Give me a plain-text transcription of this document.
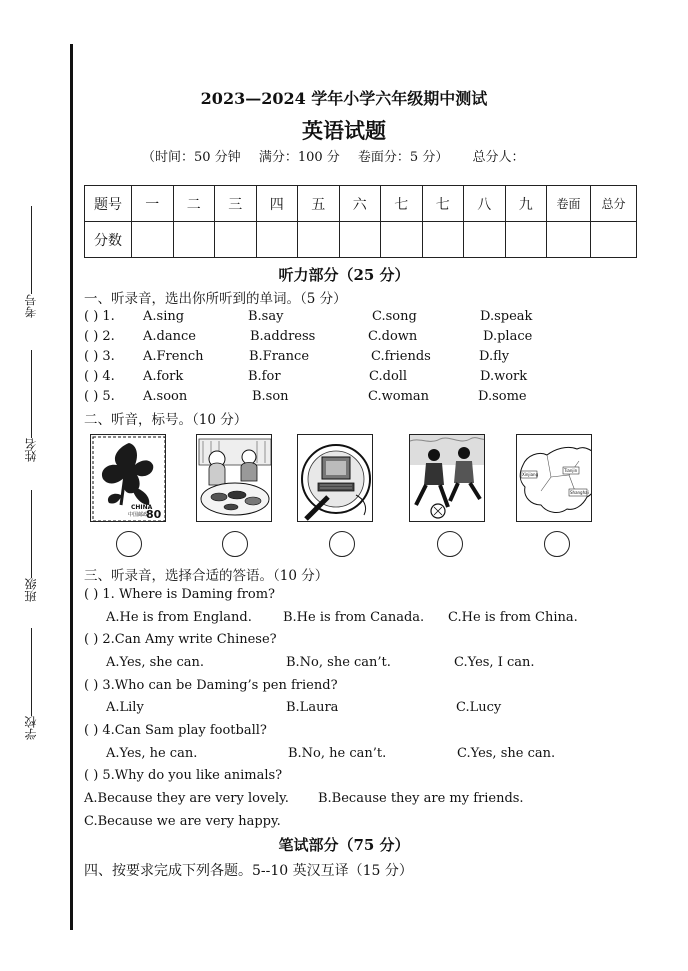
考号
姓名
班级
学校
2023—2024 学年小学六年级期中测试
英语试题
（时间：50 分钟 满分：100 分 卷面分：5 分） 总分人：
题号	一	二	三	四	五	六	七	七	八	九	卷面	总分
分数												
听力部分（25 分）
一、听录音，选出你所听到的单词。（5 分）
( ) 1. A.sing	B.say	C.song	D.speak
( ) 2. A.dance	B.address	C.down	D.place
( ) 3. A.French	B.France	C.friends	D.fly
( ) 4. A.fork	B.for	C.doll	D.work
( ) 5. A.soon	B.son	C.woman	D.some
二、听音，标号。（10 分）
CHINA
中国邮政
80
Xinjiang
Tianjin
Shanghai
三、听录音，选择合适的答语。（10 分）
( ) 1. Where is Daming from?
A.He is from England. B.He is from Canada. C.He is from China.
( ) 2.Can Amy write Chinese?
A.Yes, she can.	B.No, she can’t.	C.Yes, I can.
( ) 3.Who can be Daming’s pen friend?
A.Lily	B.Laura	C.Lucy
( ) 4.Can Sam play football?
A.Yes, he can.	B.No, he can’t.	C.Yes, she can.
( ) 5.Why do you like animals?
A.Because they are very lovely. B.Because they are my friends.
C.Because we are very happy.
笔试部分（75 分）
四、按要求完成下列各题。5--10 英汉互译（15 分）
